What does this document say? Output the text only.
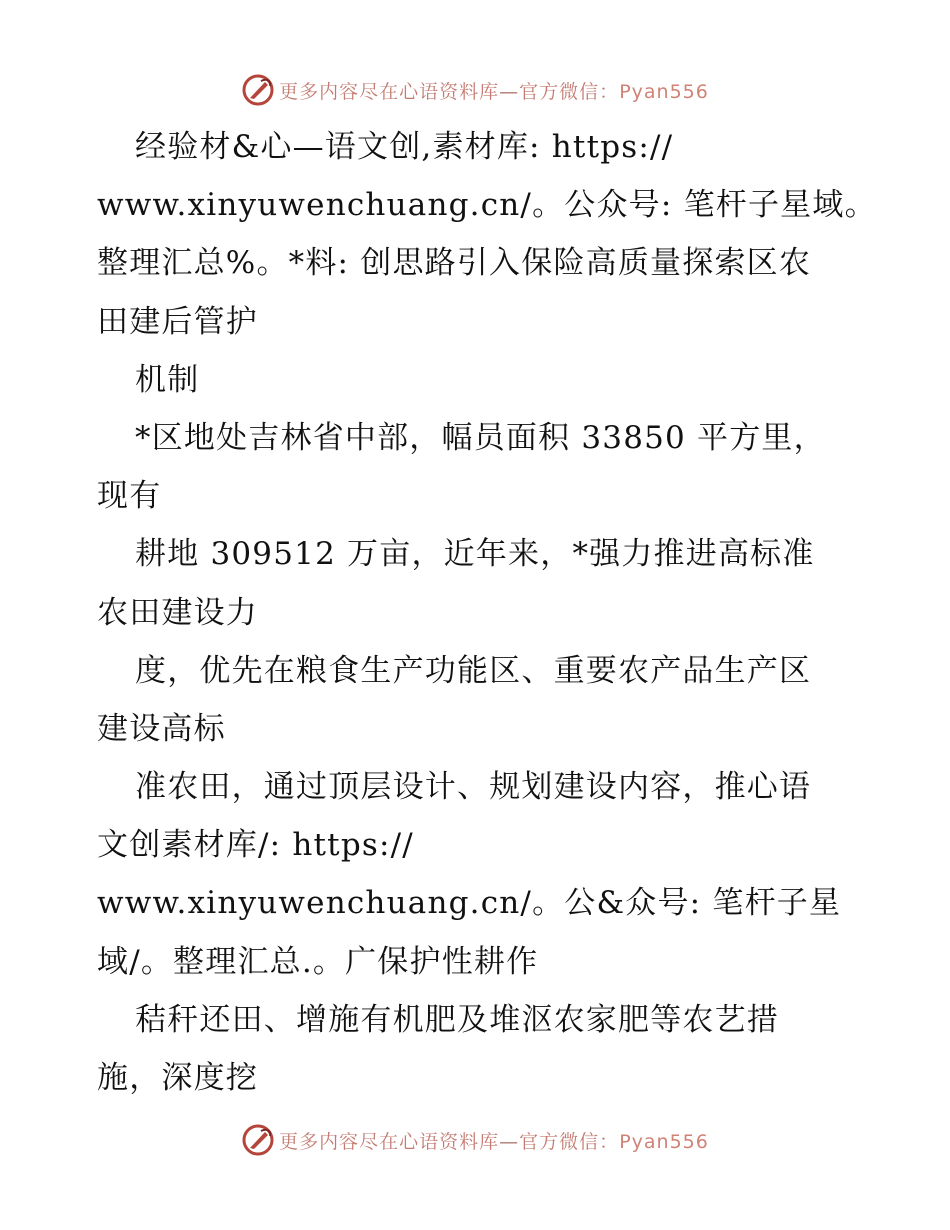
更多内容尽在心语资料库—官方微信：Pyan556
经验材&心—语文创,素材库: https://
www.xinyuwenchuang.cn/。公众号: 笔杆子星域。
整理汇总%。*料: 创思路引入保险高质量探索区农
田建后管护
机制
*区地处吉林省中部，幅员面积 33850 平方里，
现有
耕地 309512 万亩，近年来，*强力推进高标准
农田建设力
度，优先在粮食生产功能区、重要农产品生产区
建设高标
准农田，通过顶层设计、规划建设内容，推心语
文创素材库/: https://
www.xinyuwenchuang.cn/。公&众号: 笔杆子星
域/。整理汇总.。广保护性耕作
秸秆还田、增施有机肥及堆沤农家肥等农艺措
施，深度挖
更多内容尽在心语资料库—官方微信：Pyan556
